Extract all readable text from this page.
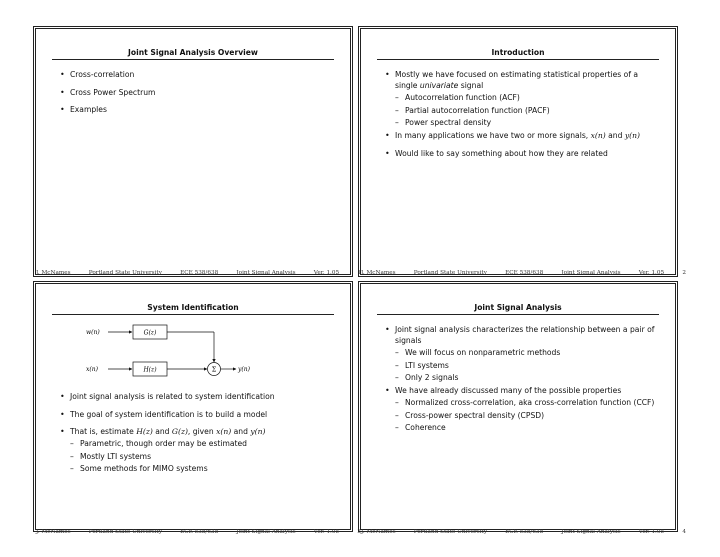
Joint Signal Analysis Overview
• Cross-correlation
• Cross Power Spectrum
• Examples
J. McNames	Portland State University	ECE 538/638	Joint Signal Analysis	Ver. 1.05	1
Introduction
• Mostly we have focused on estimating statistical properties of a single univariate signal
– Autocorrelation function (ACF)
– Partial autocorrelation function (PACF)
– Power spectral density
• In many applications we have two or more signals, x(n) and y(n)
• Would like to say something about how they are related
J. McNames	Portland State University	ECE 538/638	Joint Signal Analysis	Ver. 1.05	2
System Identification
w(n)	G(z)
x(n)	H(z)	Σ	y(n)
• Joint signal analysis is related to system identification
• The goal of system identification is to build a model
• That is, estimate H(z) and G(z), given x(n) and y(n)
– Parametric, though order may be estimated
– Mostly LTI systems
– Some methods for MIMO systems
J. McNames	Portland State University	ECE 538/638	Joint Signal Analysis	Ver. 1.05	3
Joint Signal Analysis
• Joint signal analysis characterizes the relationship between a pair of signals
– We will focus on nonparametric methods
– LTI systems
– Only 2 signals
• We have already discussed many of the possible properties
– Normalized cross-correlation, aka cross-correlation function (CCF)
– Cross-power spectral density (CPSD)
– Coherence
J. McNames	Portland State University	ECE 538/638	Joint Signal Analysis	Ver. 1.05	4
